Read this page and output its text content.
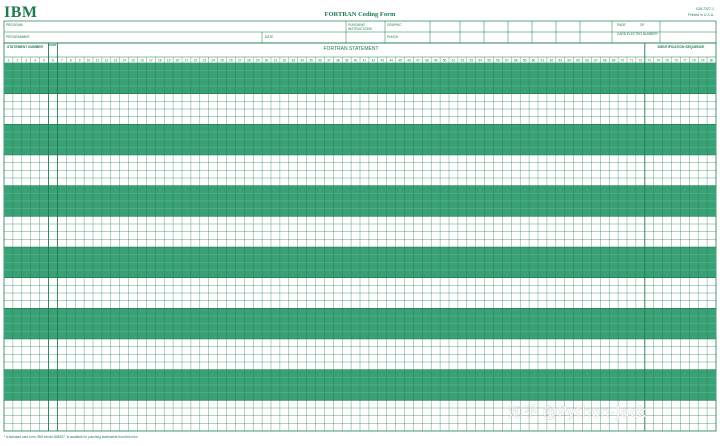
IBM	FORTRAN Coding Form
X28-7327-1
Printed in U.S.A.
1 2 3 4 5 6 7 8 9 10 11 12 13 14 15 16 17 18 19 20 21 22 23 24 25 26 27 28 29 30 31 32 33 34 35 36 37 38 39 40 41 42 43 44 45 46 47 48 49 50 51 52 53 54 55 56 57 58 59 60 61 62 63 64 65 66 67 68 69 70 71 72 73 74 75 76 77 78 79 80
PROGRAM
PROGRAMMER	DATE
PUNCHING INSTRUCTIONS
GRAPHIC
PUNCH
PAGE	OF
CARD ELECTRO NUMBER*
STATEMENT NUMBER	CONT
FORTRAN STATEMENT	IDENTIFICATION SEQUENCE
* A standard card form, IBM electro 888157, is available for punching statements from this form
知乎 @Python-Jack
